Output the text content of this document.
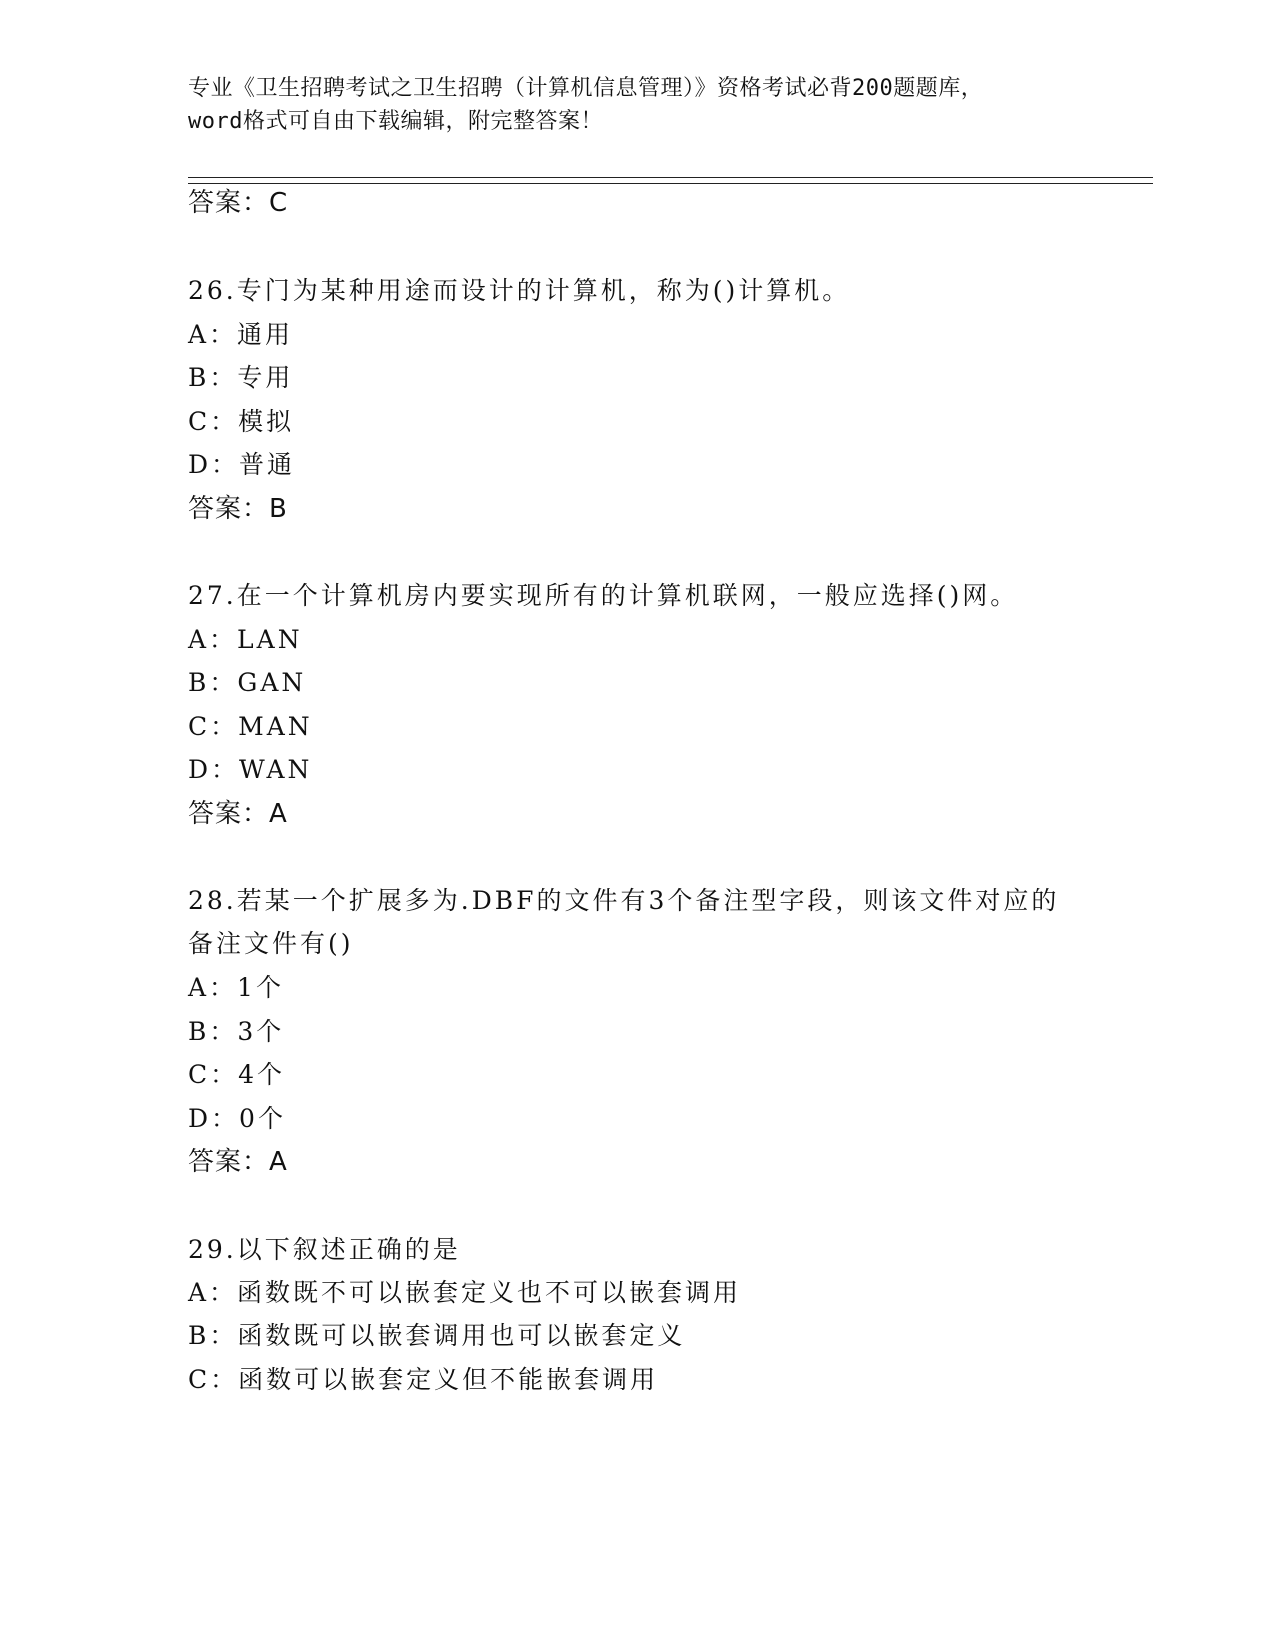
专业《卫生招聘考试之卫生招聘（计算机信息管理）》资格考试必背200题题库，
word格式可自由下载编辑，附完整答案！
答案：C
26.专门为某种用途而设计的计算机，称为()计算机。
A：通用
B：专用
C：模拟
D：普通
答案：B
27.在一个计算机房内要实现所有的计算机联网，一般应选择()网。
A：LAN
B：GAN
C：MAN
D：WAN
答案：A
28.若某一个扩展多为.DBF的文件有3个备注型字段，则该文件对应的
备注文件有()
A：1个
B：3个
C：4个
D：0个
答案：A
29.以下叙述正确的是
A：函数既不可以嵌套定义也不可以嵌套调用
B：函数既可以嵌套调用也可以嵌套定义
C：函数可以嵌套定义但不能嵌套调用
